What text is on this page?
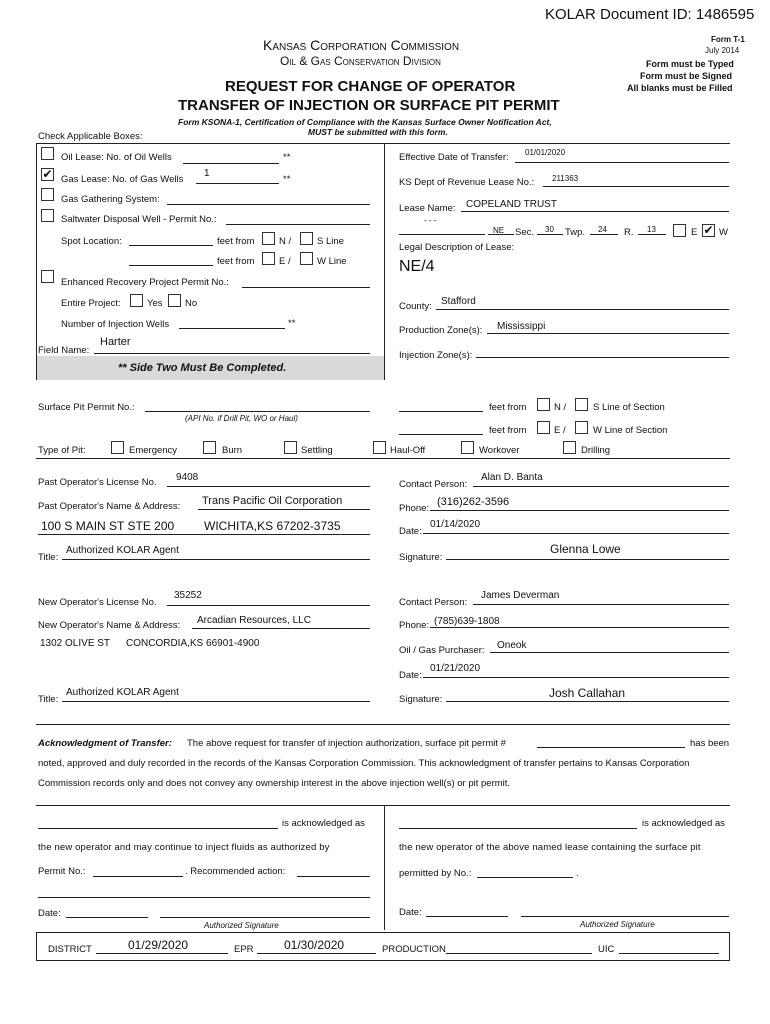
KOLAR Document ID: 1486595
Kansas Corporation Commission
Oil & Gas Conservation Division
Form T-1
July 2014
Form must be Typed
Form must be Signed
All blanks must be Filled
REQUEST FOR CHANGE OF OPERATOR
TRANSFER OF INJECTION OR SURFACE PIT PERMIT
Form KSONA-1, Certification of Compliance with the Kansas Surface Owner Notification Act,
MUST be submitted with this form.
Check Applicable Boxes:
Oil Lease: No. of Oil Wells	**
✔ Gas Lease: No. of Gas Wells
1
**
Gas Gathering System:
Saltwater Disposal Well - Permit No.:
Spot Location:	feet from	N /	S Line
feet from	E /	W Line
Enhanced Recovery Project Permit No.:
Entire Project:	Yes No
Number of Injection Wells	**
Field Name:
Harter
** Side Two Must Be Completed.
Effective Date of Transfer: 01/01/2020
KS Dept of Revenue Lease No.: 211363
Lease Name: COPELAND TRUST
- - -
NE Sec. 30 Twp. 24 R. 13	E ✔ W
Legal Description of Lease:
NE/4
County: Stafford
Production Zone(s): Mississippi
Injection Zone(s):
Surface Pit Permit No.:
(API No. if Drill Pit, WO or Haul)
feet from	N /	S Line of Section
feet from	E /	W Line of Section
Type of Pit:	Emergency	Burn	Settling	Haul-Off	Workover	Drilling
Past Operator's License No. 9408
Past Operator's Name & Address: Trans Pacific Oil Corporation
100 S MAIN ST STE 200 WICHITA,KS 67202-3735
Title:
Authorized KOLAR Agent
Contact Person:
Alan D. Banta
Phone:
(316)262-3596
Date:
01/14/2020
Signature:
Glenna Lowe
New Operator's License No.
35252
New Operator's Name & Address: Arcadian Resources, LLC
1302 OLIVE ST CONCORDIA,KS 66901-4900
Title:
Authorized KOLAR Agent
Contact Person:
James Deverman
Phone: (785)639-1808
Oil / Gas Purchaser: Oneok
Date:
01/21/2020
Signature:	Josh Callahan
Acknowledgment of Transfer: The above request for transfer of injection authorization, surface pit permit #	has been
noted, approved and duly recorded in the records of the Kansas Corporation Commission. This acknowledgment of transfer pertains to Kansas Corporation
Commission records only and does not convey any ownership interest in the above injection well(s) or pit permit.
is acknowledged as
the new operator and may continue to inject fluids as authorized by
Permit No.:	. Recommended action:
Date:
Authorized Signature
is acknowledged as
the new operator of the above named lease containing the surface pit
permitted by No.:	.
Date:
Authorized Signature
DISTRICT	01/29/2020	EPR	01/30/2020	PRODUCTION	UIC
